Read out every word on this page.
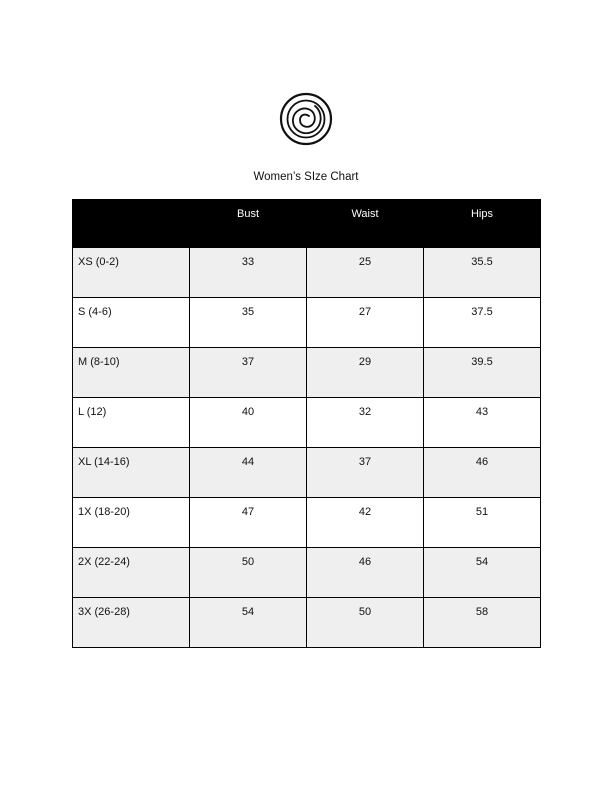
Women’s SIze Chart
	Bust	Waist	Hips
XS (0-2)	33	25	35.5
S (4-6)	35	27	37.5
M (8-10)	37	29	39.5
L (12)	40	32	43
XL (14-16)	44	37	46
1X (18-20)	47	42	51
2X (22-24)	50	46	54
3X (26-28)	54	50	58
